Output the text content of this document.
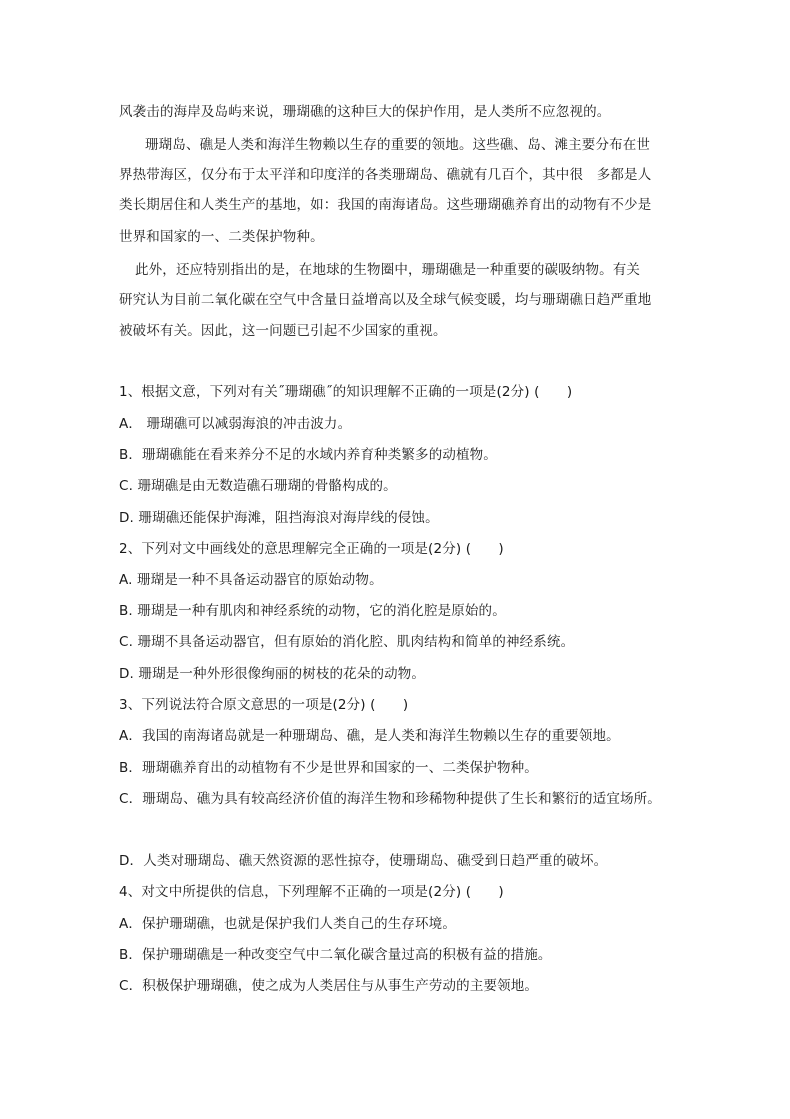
风袭击的海岸及岛屿来说，珊瑚礁的这种巨大的保护作用，是人类所不应忽视的。
珊瑚岛、礁是人类和海洋生物赖以生存的重要的领地。这些礁、岛、滩主要分布在世
界热带海区，仅分布于太平洋和印度洋的各类珊瑚岛、礁就有几百个，其中很　多都是人
类长期居住和人类生产的基地，如：我国的南海诸岛。这些珊瑚礁养育出的动物有不少是
世界和国家的一、二类保护物种。
此外，还应特别指出的是，在地球的生物圈中，珊瑚礁是一种重要的碳吸纳物。有关
研究认为目前二氧化碳在空气中含量日益增高以及全球气候变暖，均与珊瑚礁日趋严重地
被破坏有关。因此，这一问题已引起不少国家的重视。
1、根据文意，下列对有关˝珊瑚礁˝的知识理解不正确的一项是(2分) (　　)
A． 珊瑚礁可以减弱海浪的冲击波力。
B．珊瑚礁能在看来养分不足的水域内养育种类繁多的动植物。
C. 珊瑚礁是由无数造礁石珊瑚的骨骼构成的。
D. 珊瑚礁还能保护海滩，阻挡海浪对海岸线的侵蚀。
2、下列对文中画线处的意思理解完全正确的一项是(2分) (　　)
A. 珊瑚是一种不具备运动器官的原始动物。
B. 珊瑚是一种有肌肉和神经系统的动物，它的消化腔是原始的。
C. 珊瑚不具备运动器官，但有原始的消化腔、肌肉结构和简单的神经系统。
D. 珊瑚是一种外形很像绚丽的树枝的花朵的动物。
3、下列说法符合原文意思的一项是(2分) (　　)
A．我国的南海诸岛就是一种珊瑚岛、礁，是人类和海洋生物赖以生存的重要领地。
B．珊瑚礁养育出的动植物有不少是世界和国家的一、二类保护物种。
C．珊瑚岛、礁为具有较高经济价值的海洋生物和珍稀物种提供了生长和繁衍的适宜场所。
D．人类对珊瑚岛、礁天然资源的恶性掠夺，使珊瑚岛、礁受到日趋严重的破坏。
4、对文中所提供的信息，下列理解不正确的一项是(2分) (　　)
A．保护珊瑚礁，也就是保护我们人类自己的生存环境。
B．保护珊瑚礁是一种改变空气中二氧化碳含量过高的积极有益的措施。
C．积极保护珊瑚礁，使之成为人类居住与从事生产劳动的主要领地。
